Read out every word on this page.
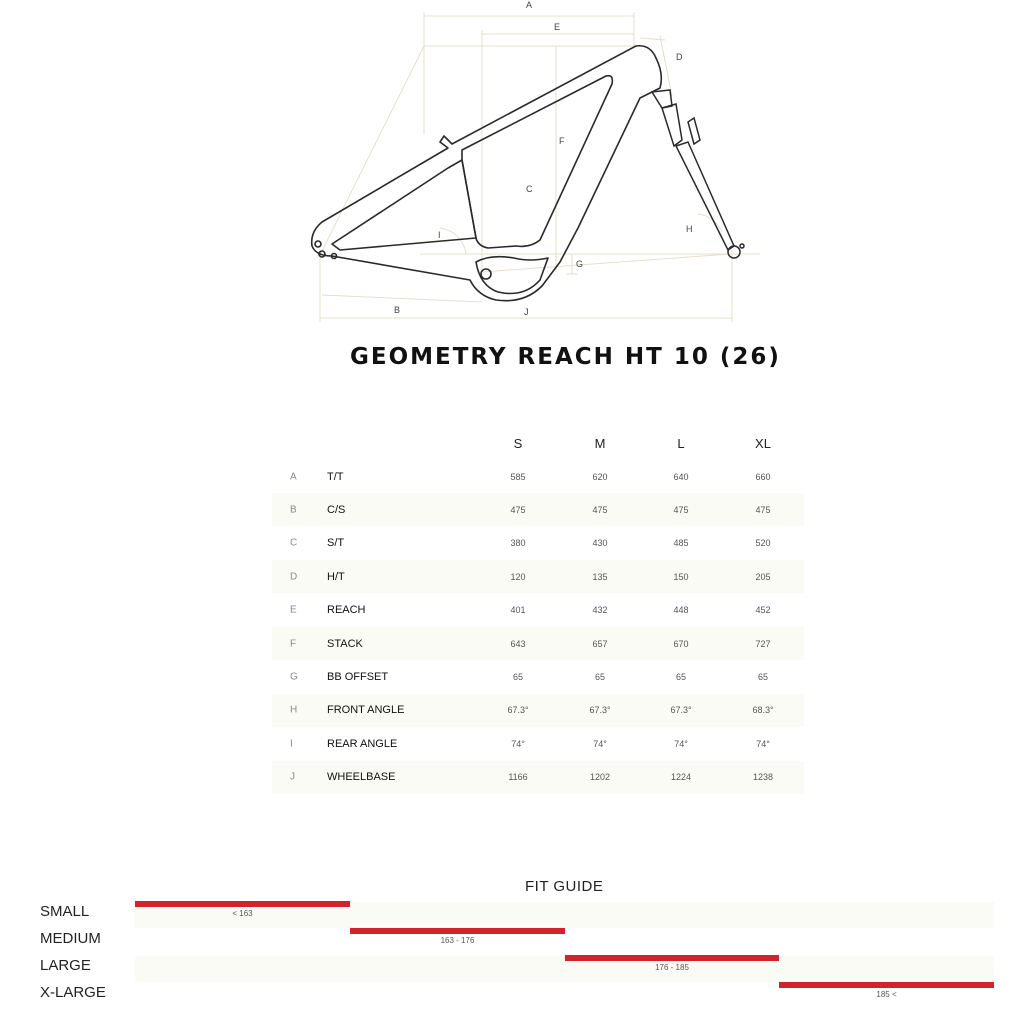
A
E
D
F
C
I
H
G
B	J
GEOMETRY REACH HT 10 (26)
S	M	L	XL
A	T/T	585	620	640	660
B	C/S	475	475	475	475
C	S/T	380	430	485	520
D	H/T	120	135	150	205
E	REACH	401	432	448	452
F	STACK	643	657	670	727
G	BB OFFSET	65	65	65	65
H	FRONT ANGLE	67.3°	67.3°	67.3°	68.3°
I	REAR ANGLE	74°	74°	74°	74°
J	WHEELBASE	1166	1202	1224	1238
FIT GUIDE
SMALL	< 163
MEDIUM	163 - 176
LARGE	176 - 185
X-LARGE	185 <
